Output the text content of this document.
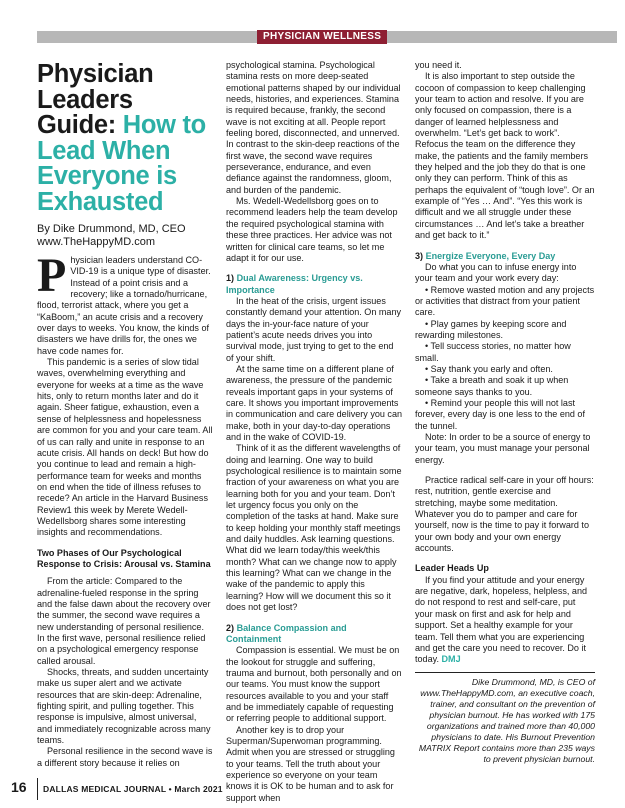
PHYSICIAN WELLNESS
Physician Leaders Guide: How to Lead When Everyone is Exhausted
By Dike Drummond, MD, CEO
www.TheHappyMD.com

Physician leaders understand CO-VID-19 is a unique type of disaster. Instead of a point crisis and a recovery; like a tornado/hurricane, flood, terrorist attack, where you get a “KaBoom,” an acute crisis and a recovery over days to weeks. You know, the kinds of disasters we have drills for, the ones we have code names for.

This pandemic is a series of slow tidal waves, overwhelming everything and everyone for weeks at a time as the wave hits, only to return months later and do it again. Sheer fatigue, exhaustion, even a sense of helplessness and hopelessness are common for you and your care team. All of us can rally and unite in response to an acute crisis. All hands on deck! But how do you continue to lead and remain a high-performance team for weeks and months on end when the tide of illness refuses to recede? An article in the Harvard Business Review1 this week by Merete Wedell-Wedellsborg shares some interesting insights and recommendations.

Two Phases of Our Psychological Response to Crisis: Arousal vs. Stamina

From the article: Compared to the adrenaline-fueled response in the spring and the false dawn about the recovery over the summer, the second wave requires a new understanding of personal resilience. In the first wave, personal resilience relied on a psychological emergency response called arousal.

Shocks, threats, and sudden uncertainty make us super alert and we activate resources that are skin-deep: Adrenaline, fighting spirit, and pulling together. This response is impulsive, almost universal, and immediately recognizable across many teams.

Personal resilience in the second wave is a different story because it relies on

psychological stamina. Psychological stamina rests on more deep-seated emotional patterns shaped by our individual needs, histories, and experiences. Stamina is required because, frankly, the second wave is not exciting at all. People report feeling bored, disconnected, and unnerved. In contrast to the skin-deep reactions of the first wave, the second wave requires perseverance, endurance, and even defiance against the randomness, gloom, and burden of the pandemic.

Ms. Wedell-Wedellsborg goes on to recommend leaders help the team develop the required psychological stamina with these three practices. Her advice was not written for clinical care teams, so let me adapt it for our use.

1) Dual Awareness: Urgency vs. Importance

In the heat of the crisis, urgent issues constantly demand your attention. On many days the in-your-face nature of your patient’s acute needs drives you into survival mode, just trying to get to the end of your shift.

At the same time on a different plane of awareness, the pressure of the pandemic reveals important gaps in your systems of care. It shows you important improvements in communication and care delivery you can make, both in your day-to-day operations and in the wake of COVID-19.

Think of it as the different wavelengths of doing and learning. One way to build psychological resilience is to maintain some fraction of your awareness on what you are learning both for you and your team. Don’t let urgency focus you only on the completion of the tasks at hand. Make sure to keep holding your monthly staff meetings and daily huddles. Ask learning questions. What did we learn today/this week/this month? What can we change now to apply this learning? What can we change in the wake of the pandemic to apply this learning? How will we document this so it does not get lost?

2) Balance Compassion and Containment

Compassion is essential. We must be on the lookout for struggle and suffering, trauma and burnout, both personally and on our teams. You must know the support resources available to you and your staff and be immediately capable of requesting or referring people to additional support.

Another key is to drop your Superman/Superwoman programming. Admit when you are stressed or struggling to your teams. Tell the truth about your experience so everyone on your team knows it is OK to be human and to ask for support when

you need it.

It is also important to step outside the cocoon of compassion to keep challenging your team to action and resolve. If you are only focused on compassion, there is a danger of learned helplessness and overwhelm. “Let’s get back to work”. Refocus the team on the difference they make, the patients and the family members they helped and the job they do that is one only they can perform. Think of this as perhaps the equivalent of “tough love”. Or an example of “Yes … And”. “Yes this work is difficult and we all struggle under these circumstances … And let’s take a breather and get back to it.”

3) Energize Everyone, Every Day

Do what you can to infuse energy into your team and your work every day:

• Remove wasted motion and any projects or activities that distract from your patient care.

• Play games by keeping score and rewarding milestones.

• Tell success stories, no matter how small.

• Say thank you early and often.

• Take a breath and soak it up when someone says thanks to you.

• Remind your people this will not last forever, every day is one less to the end of the tunnel.

Note: In order to be a source of energy to your team, you must manage your personal energy.

Practice radical self-care in your off hours: rest, nutrition, gentle exercise and stretching, maybe some meditation. Whatever you do to pamper and care for yourself, now is the time to pay it forward to your own body and your own energy accounts.

Leader Heads Up

If you find your attitude and your energy are negative, dark, hopeless, helpless, and do not respond to rest and self-care, put your mask on first and ask for help and support. Set a healthy example for your team. Tell them what you are experiencing and get the care you need to recover. Do it today. DMJ

Dike Drummond, MD, is CEO of www.TheHappyMD.com, an executive coach, trainer, and consultant on the prevention of physician burnout. He has worked with 175 organizations and trained more than 40,000 physicians to date. His Burnout Prevention MATRIX Report contains more than 235 ways to prevent physician burnout.

16 DALLAS MEDICAL JOURNAL • March 2021
